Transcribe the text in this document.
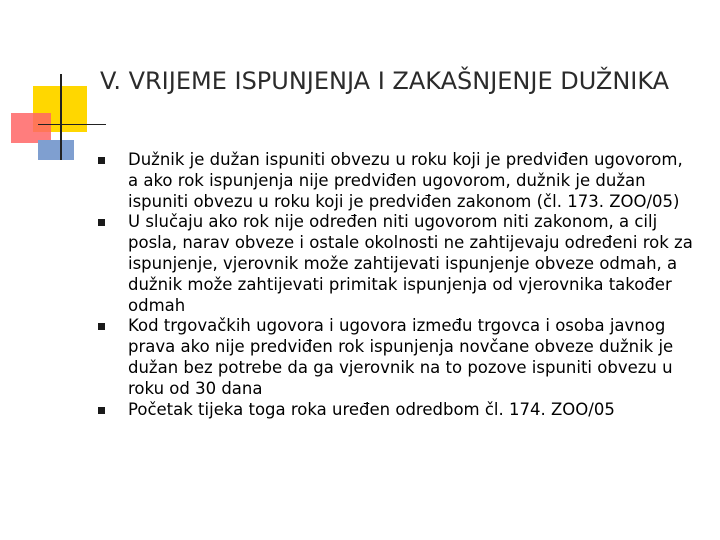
V. VRIJEME ISPUNJENJA I ZAKAŠNJENJE DUŽNIKA
Dužnik je dužan ispuniti obvezu u roku koji je predviđen ugovorom, a ako rok ispunjenja nije predviđen ugovorom, dužnik je dužan ispuniti obvezu u roku koji je predviđen zakonom (čl. 173. ZOO/05)
U slučaju ako rok nije određen niti ugovorom niti zakonom, a cilj posla, narav obveze i ostale okolnosti ne zahtijevaju određeni rok za ispunjenje, vjerovnik može zahtijevati ispunjenje obveze odmah, a dužnik može zahtijevati primitak ispunjenja od vjerovnika također odmah
Kod trgovačkih ugovora i ugovora između trgovca i osoba javnog prava ako nije predviđen rok ispunjenja novčane obveze dužnik je dužan bez potrebe da ga vjerovnik na to pozove ispuniti obvezu u roku od 30 dana
Početak tijeka toga roka uređen odredbom čl. 174. ZOO/05
